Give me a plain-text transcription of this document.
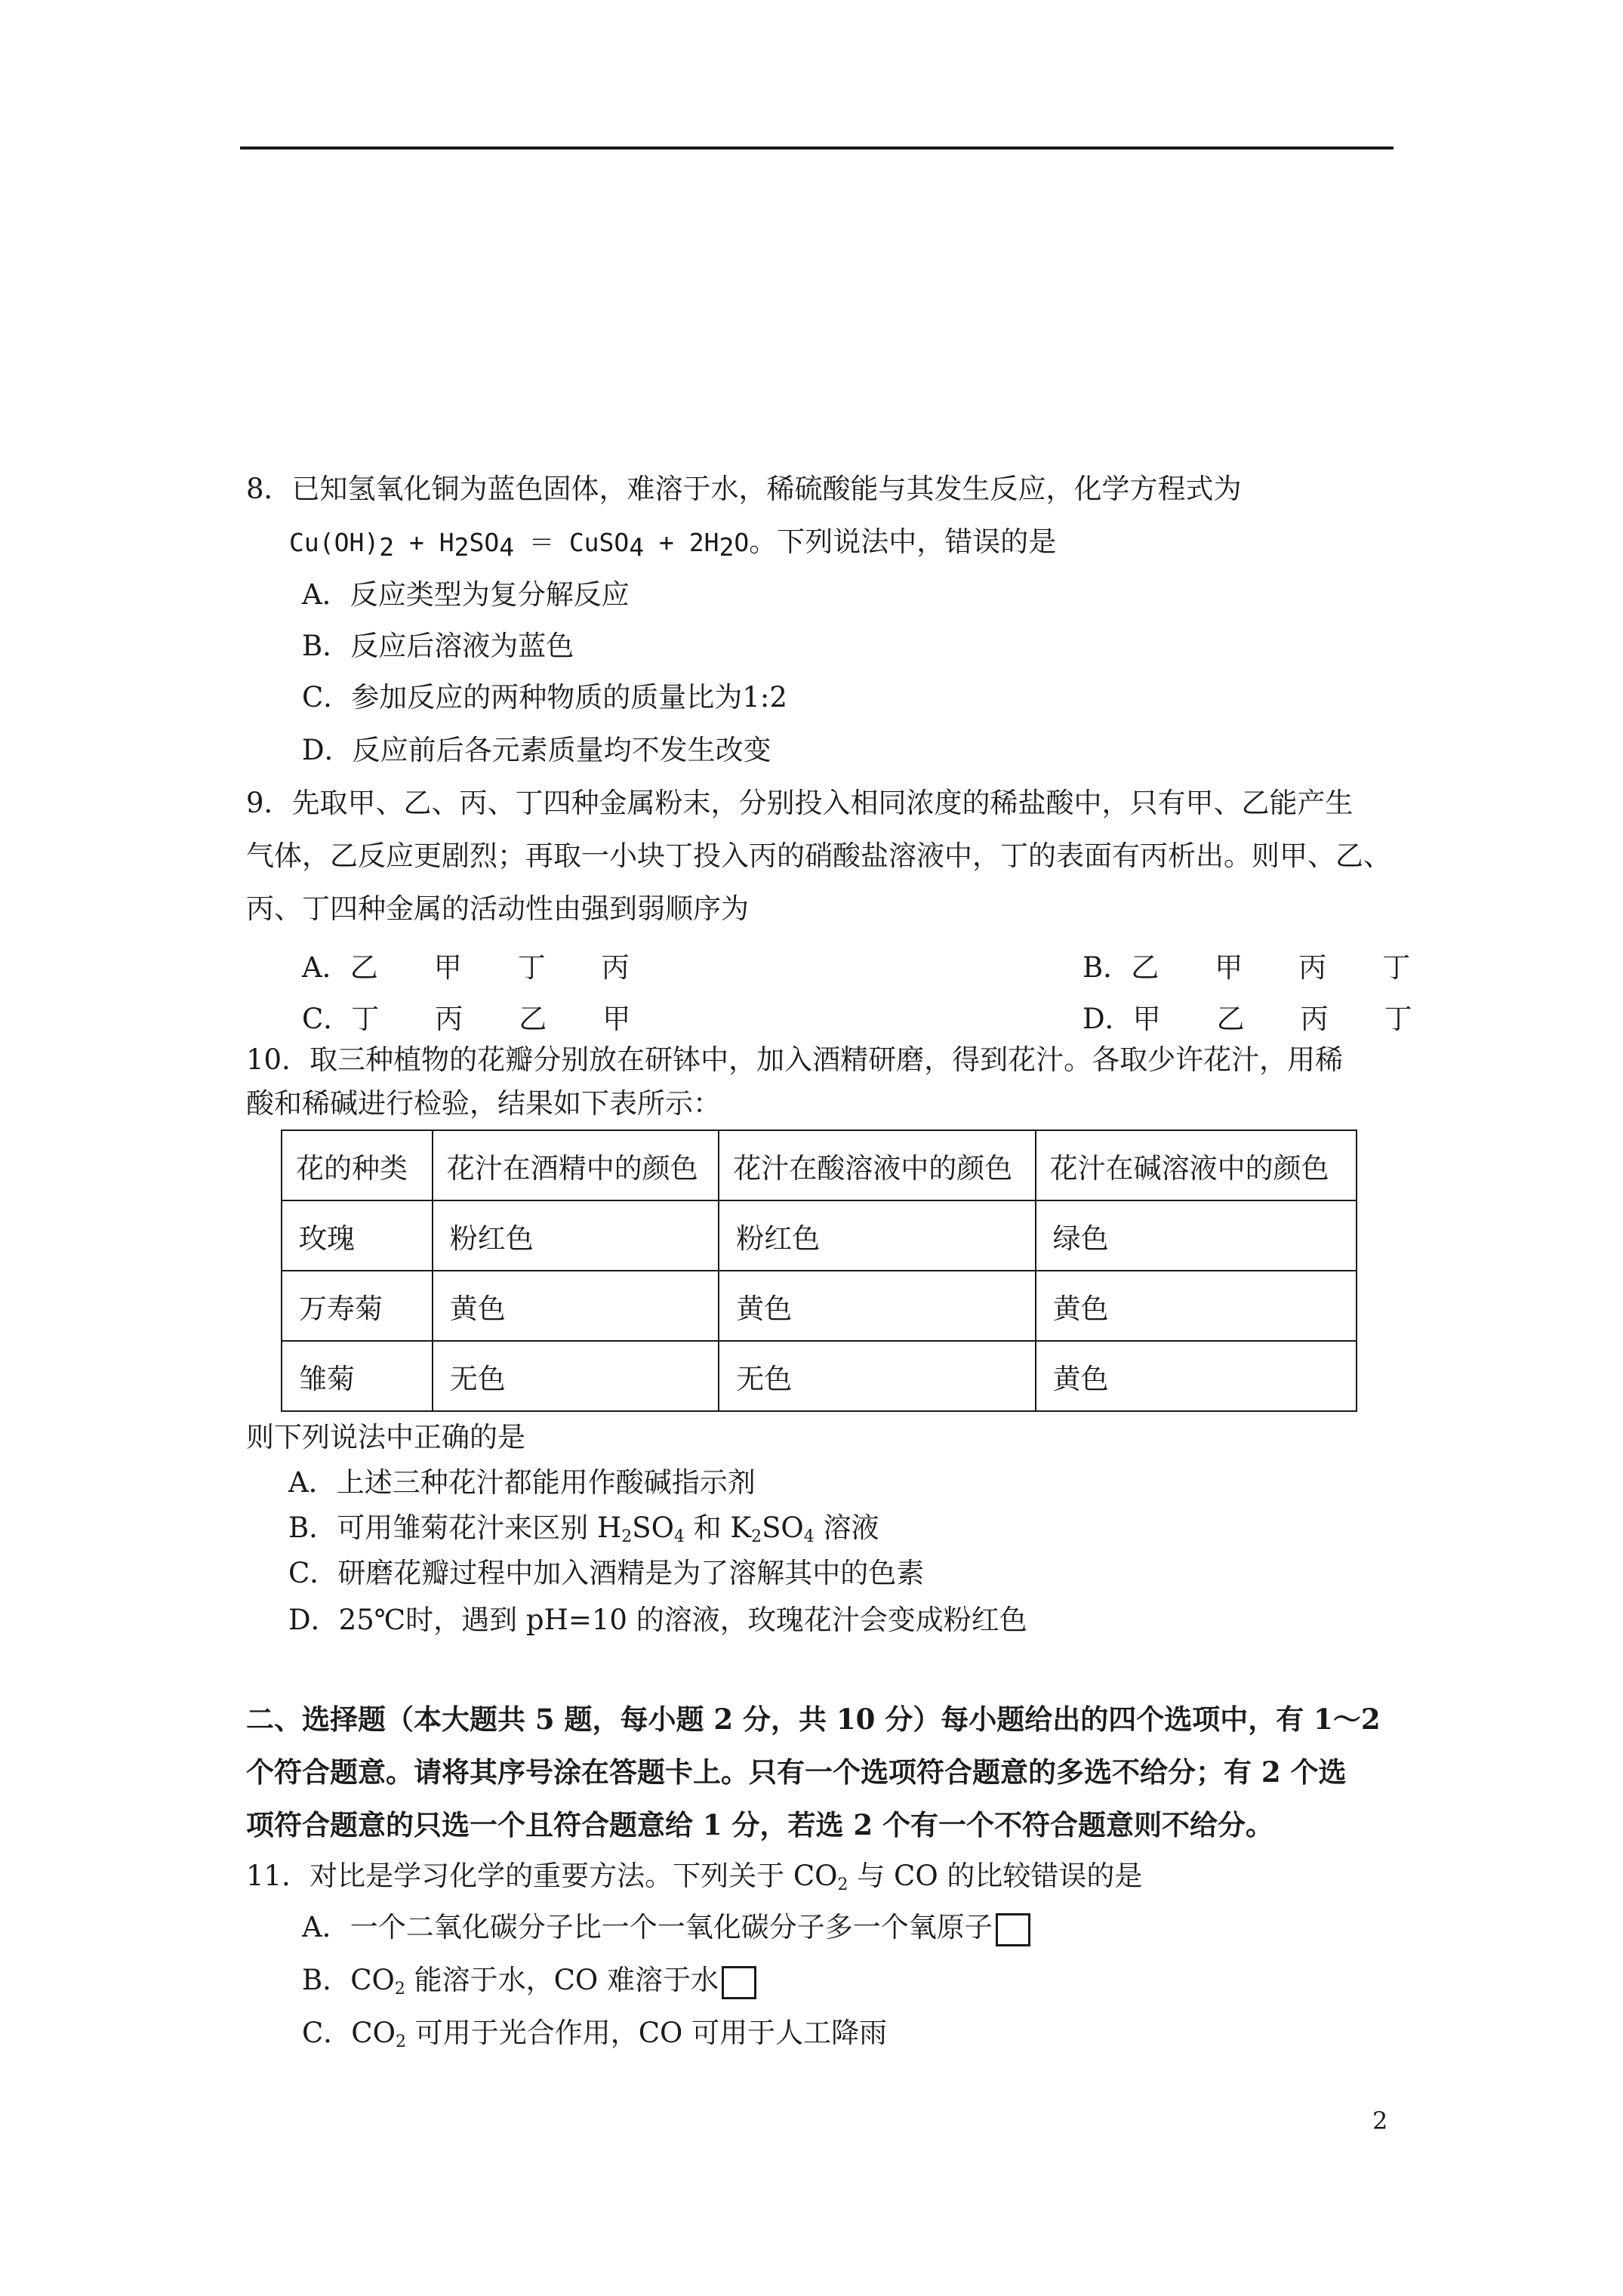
8．已知氢氧化铜为蓝色固体，难溶于水，稀硫酸能与其发生反应，化学方程式为
$Cu(OH)_2 + H_2SO_4$ ＝ CuSO$_4$ + $2H_2O$。下列说法中，错误的是
A．反应类型为复分解反应
B．反应后溶液为蓝色
C．参加反应的两种物质的质量比为1:2
D．反应前后各元素质量均不发生改变
9．先取甲、乙、丙、丁四种金属粉末，分别投入相同浓度的稀盐酸中，只有甲、乙能产生
气体，乙反应更剧烈；再取一小块丁投入丙的硝酸盐溶液中，丁的表面有丙析出。则甲、乙、
丙、丁四种金属的活动性由强到弱顺序为
A．乙　　甲　　丁　　丙	B．乙　　甲　　丙　　丁
C．丁　　丙　　乙　　甲	D．甲　　乙　　丙　　丁
10．取三种植物的花瓣分别放在研钵中，加入酒精研磨，得到花汁。各取少许花汁，用稀
酸和稀碱进行检验，结果如下表所示：
花的种类	花汁在酒精中的颜色	花汁在酸溶液中的颜色	花汁在碱溶液中的颜色
玫瑰	粉红色	粉红色	绿色
万寿菊	黄色	黄色	黄色
雏菊	无色	无色	黄色
则下列说法中正确的是
A．上述三种花汁都能用作酸碱指示剂
B．可用雏菊花汁来区别 $H_2SO_4$ 和 $K_2SO_4$ 溶液
C．研磨花瓣过程中加入酒精是为了溶解其中的色素
D．25℃时，遇到 pH=10 的溶液，玫瑰花汁会变成粉红色
二、选择题（本大题共 5 题，每小题 2 分，共 10 分）每小题给出的四个选项中，有 1～2
个符合题意。请将其序号涂在答题卡上。只有一个选项符合题意的多选不给分；有 2 个选
项符合题意的只选一个且符合题意给 1 分，若选 2 个有一个不符合题意则不给分。
11．对比是学习化学的重要方法。下列关于 $CO_2$ 与 CO 的比较错误的是
A．一个二氧化碳分子比一个一氧化碳分子多一个氧原子
B．$CO_2$ 能溶于水，CO 难溶于水
C．$CO_2$ 可用于光合作用，CO 可用于人工降雨
2
